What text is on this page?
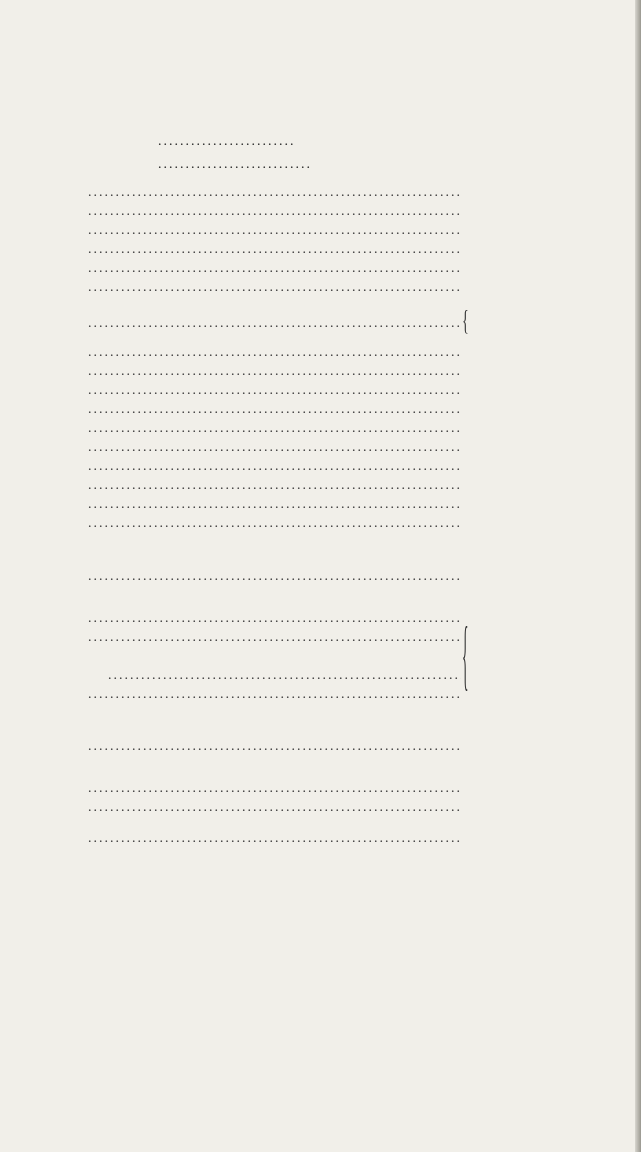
.........................
............................
.....
.....
.....
.....
.....
.....
.....
{
.....
.....
.....
.....
.....
.....
.....
.....
.....
.....
.....
{
.....
.....
.....
.....
.....
.....
.....
.....
